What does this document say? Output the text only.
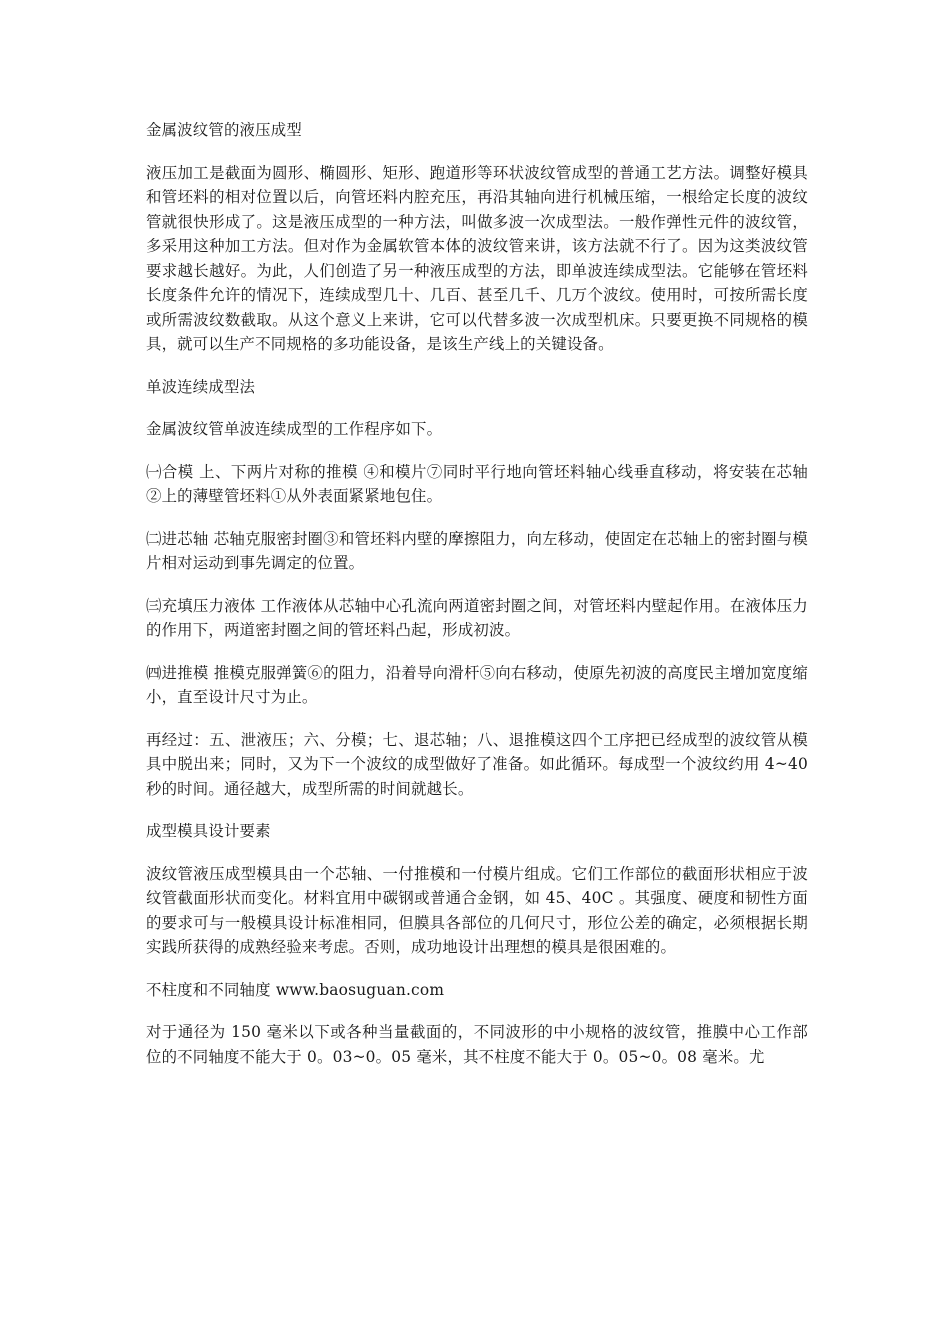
金属波纹管的液压成型

液压加工是截面为圆形、椭圆形、矩形、跑道形等环状波纹管成型的普通工艺方法。调整好模具和管坯料的相对位置以后，向管坯料内腔充压，再沿其轴向进行机械压缩，一根给定长度的波纹管就很快形成了。这是液压成型的一种方法，叫做多波一次成型法。一般作弹性元件的波纹管，多采用这种加工方法。但对作为金属软管本体的波纹管来讲，该方法就不行了。因为这类波纹管要求越长越好。为此，人们创造了另一种液压成型的方法，即单波连续成型法。它能够在管坯料长度条件允许的情况下，连续成型几十、几百、甚至几千、几万个波纹。使用时，可按所需长度或所需波纹数截取。从这个意义上来讲，它可以代替多波一次成型机床。只要更换不同规格的模具，就可以生产不同规格的多功能设备，是该生产线上的关键设备。

单波连续成型法

金属波纹管单波连续成型的工作程序如下。

㈠合模 上、下两片对称的推模 ④和模片⑦同时平行地向管坯料轴心线垂直移动，将安装在芯轴②上的薄壁管坯料①从外表面紧紧地包住。

㈡进芯轴 芯轴克服密封圈③和管坯料内壁的摩擦阻力，向左移动，使固定在芯轴上的密封圈与模片相对运动到事先调定的位置。

㈢充填压力液体 工作液体从芯轴中心孔流向两道密封圈之间，对管坯料内壁起作用。在液体压力的作用下，两道密封圈之间的管坯料凸起，形成初波。

㈣进推模 推模克服弹簧⑥的阻力，沿着导向滑杆⑤向右移动，使原先初波的高度民主增加宽度缩小，直至设计尺寸为止。

再经过：五、泄液压；六、分模；七、退芯轴；八、退推模这四个工序把已经成型的波纹管从模具中脱出来；同时，又为下一个波纹的成型做好了准备。如此循环。每成型一个波纹约用 4~40 秒的时间。通径越大，成型所需的时间就越长。

成型模具设计要素

波纹管液压成型模具由一个芯轴、一付推模和一付模片组成。它们工作部位的截面形状相应于波纹管截面形状而变化。材料宜用中碳钢或普通合金钢，如 45、40C 。其强度、硬度和韧性方面的要求可与一般模具设计标准相同，但膜具各部位的几何尺寸，形位公差的确定，必须根据长期实践所获得的成熟经验来考虑。否则，成功地设计出理想的模具是很困难的。

不柱度和不同轴度 www.baosuguan.com

对于通径为 150 毫米以下或各种当量截面的，不同波形的中小规格的波纹管，推膜中心工作部位的不同轴度不能大于 0。03~0。05 毫米，其不柱度不能大于 0。05~0。08 毫米。尤
